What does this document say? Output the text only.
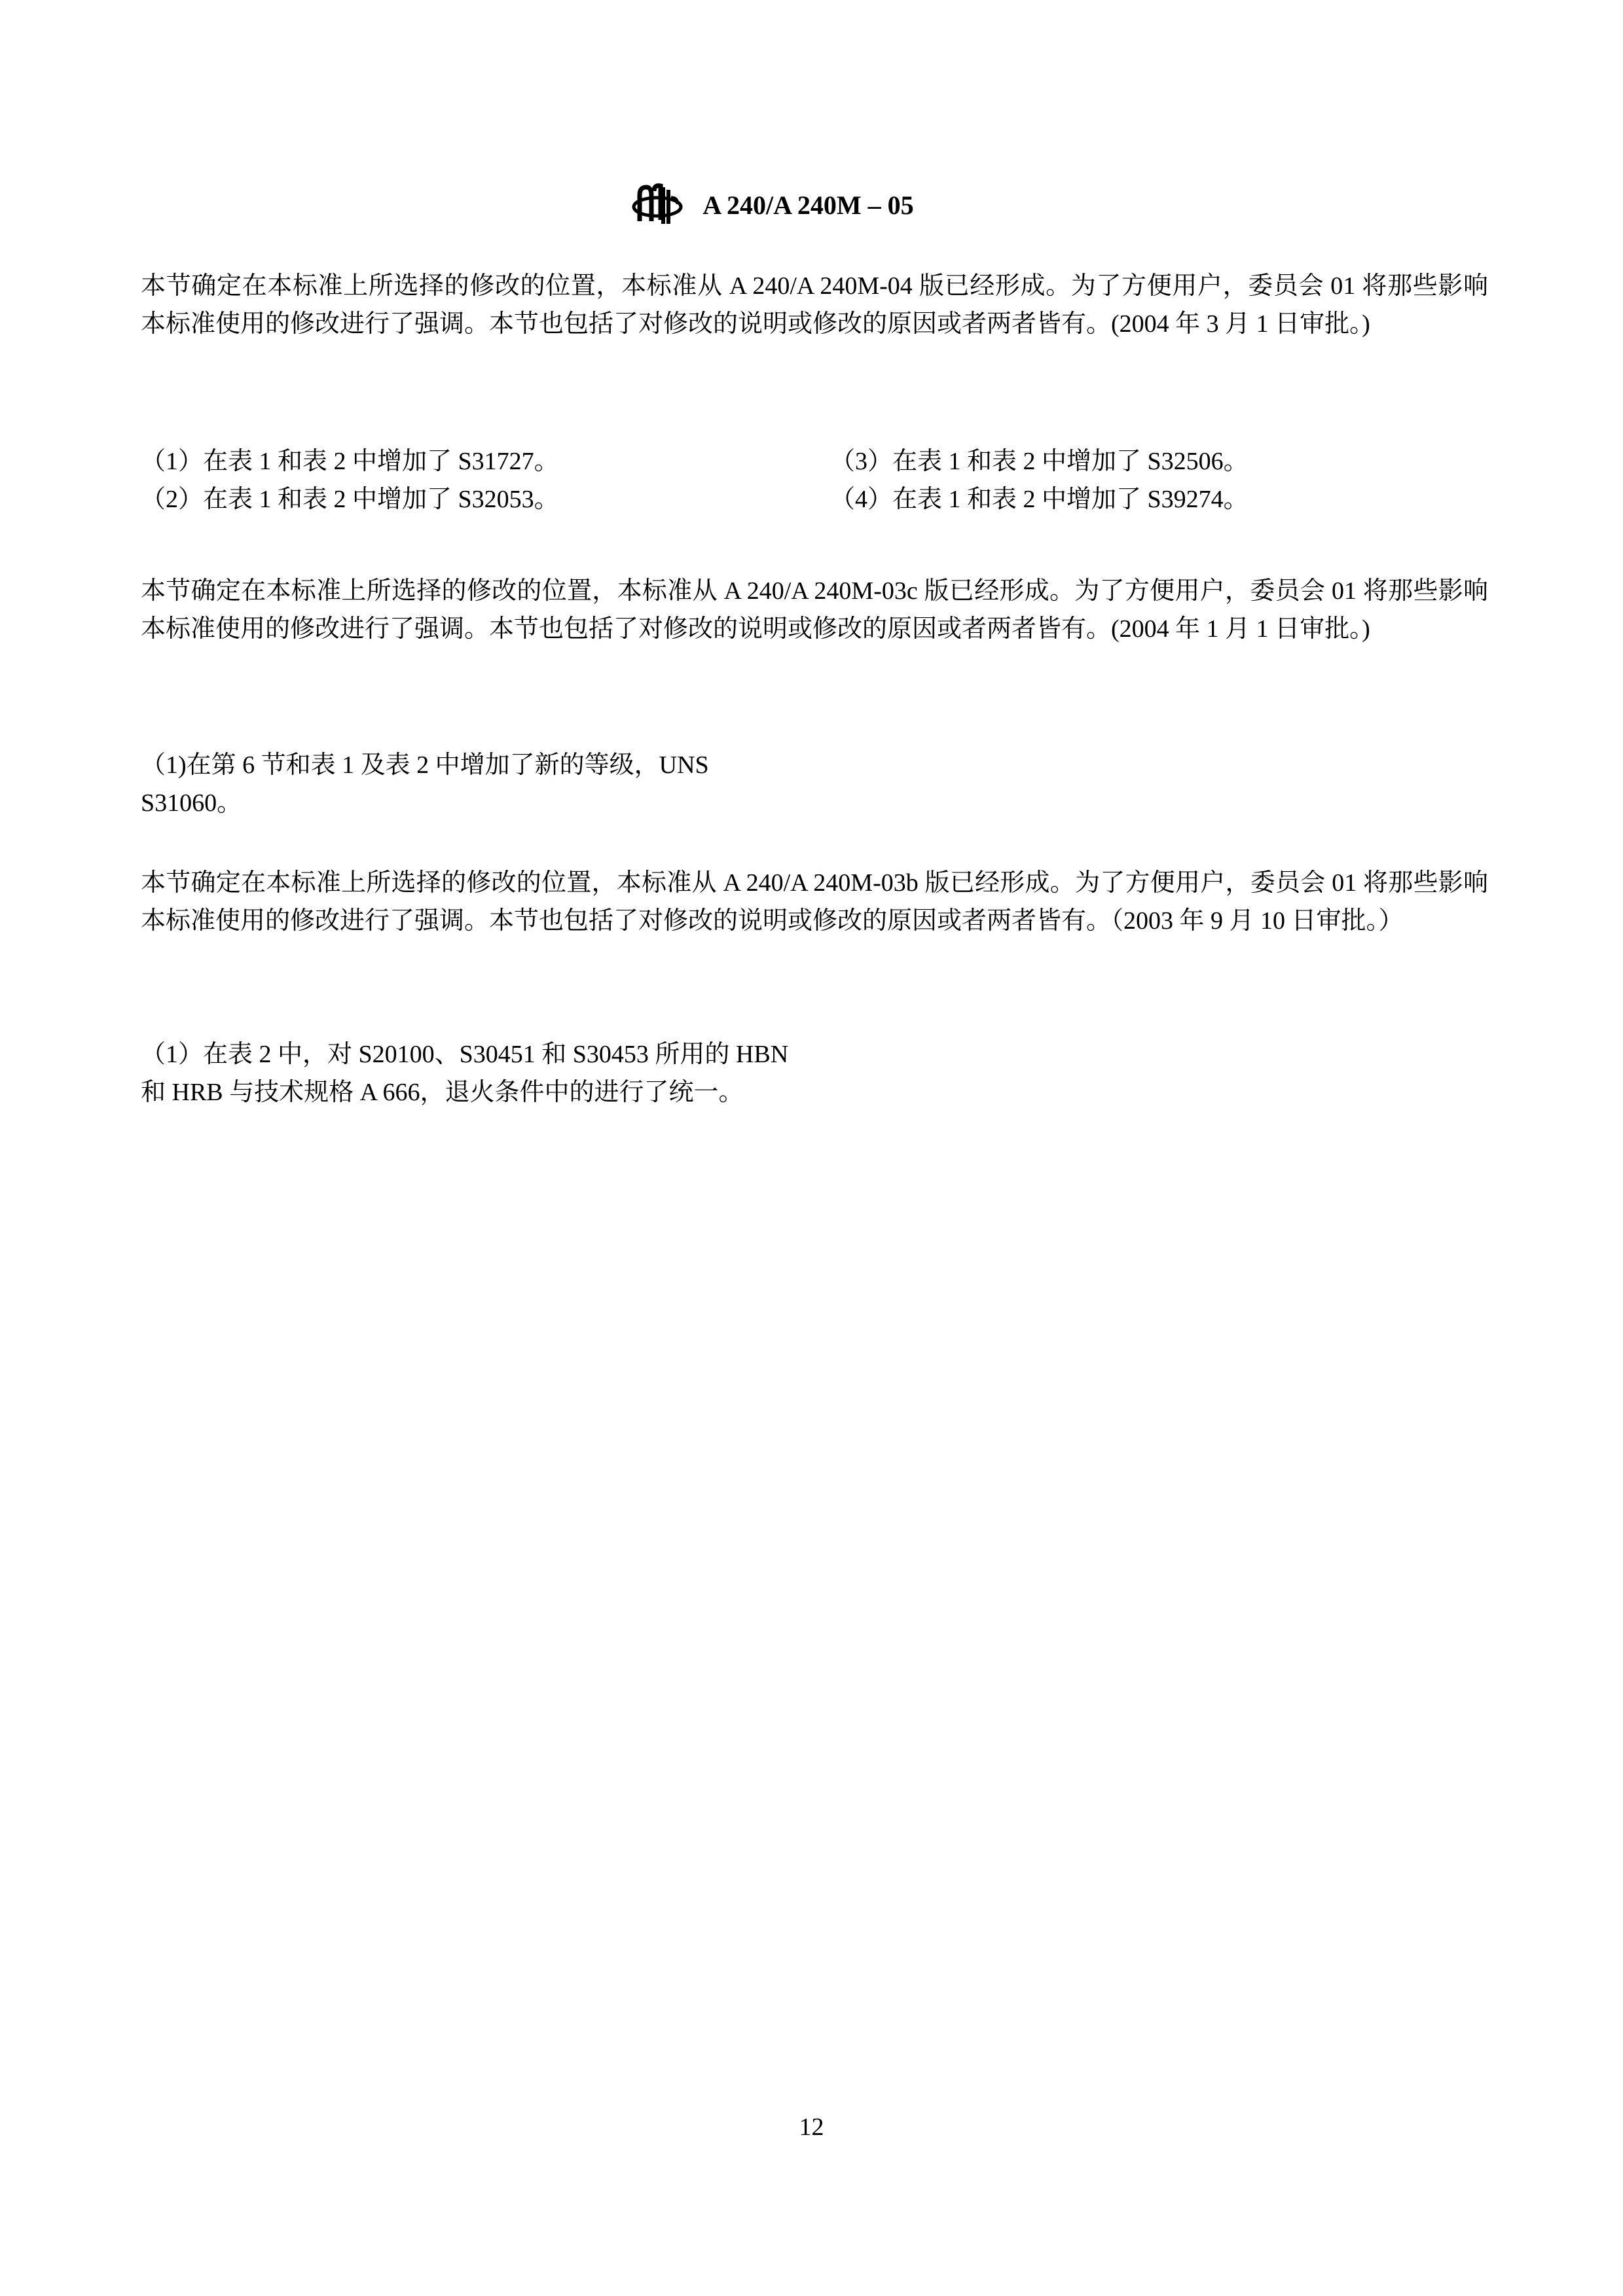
A 240/A 240M – 05

本节确定在本标准上所选择的修改的位置，本标准从 A 240/A 240M-04 版已经形成。为了方便用户，委员会 01 将那些影响本标准使用的修改进行了强调。本节也包括了对修改的说明或修改的原因或者两者皆有。(2004 年 3 月 1 日审批。)

（1）在表 1 和表 2 中增加了 S31727。
（2）在表 1 和表 2 中增加了 S32053。
（3）在表 1 和表 2 中增加了 S32506。
（4）在表 1 和表 2 中增加了 S39274。

本节确定在本标准上所选择的修改的位置，本标准从 A 240/A 240M-03c 版已经形成。为了方便用户，委员会 01 将那些影响本标准使用的修改进行了强调。本节也包括了对修改的说明或修改的原因或者两者皆有。(2004 年 1 月 1 日审批。)

（1)在第 6 节和表 1 及表 2 中增加了新的等级，UNS S31060。

本节确定在本标准上所选择的修改的位置，本标准从 A 240/A 240M-03b 版已经形成。为了方便用户，委员会 01 将那些影响本标准使用的修改进行了强调。本节也包括了对修改的说明或修改的原因或者两者皆有。（2003 年 9 月 10 日审批。）

（1）在表 2 中，对 S20100、S30451 和 S30453 所用的 HBN 和 HRB 与技术规格 A 666，退火条件中的进行了统一。

12
